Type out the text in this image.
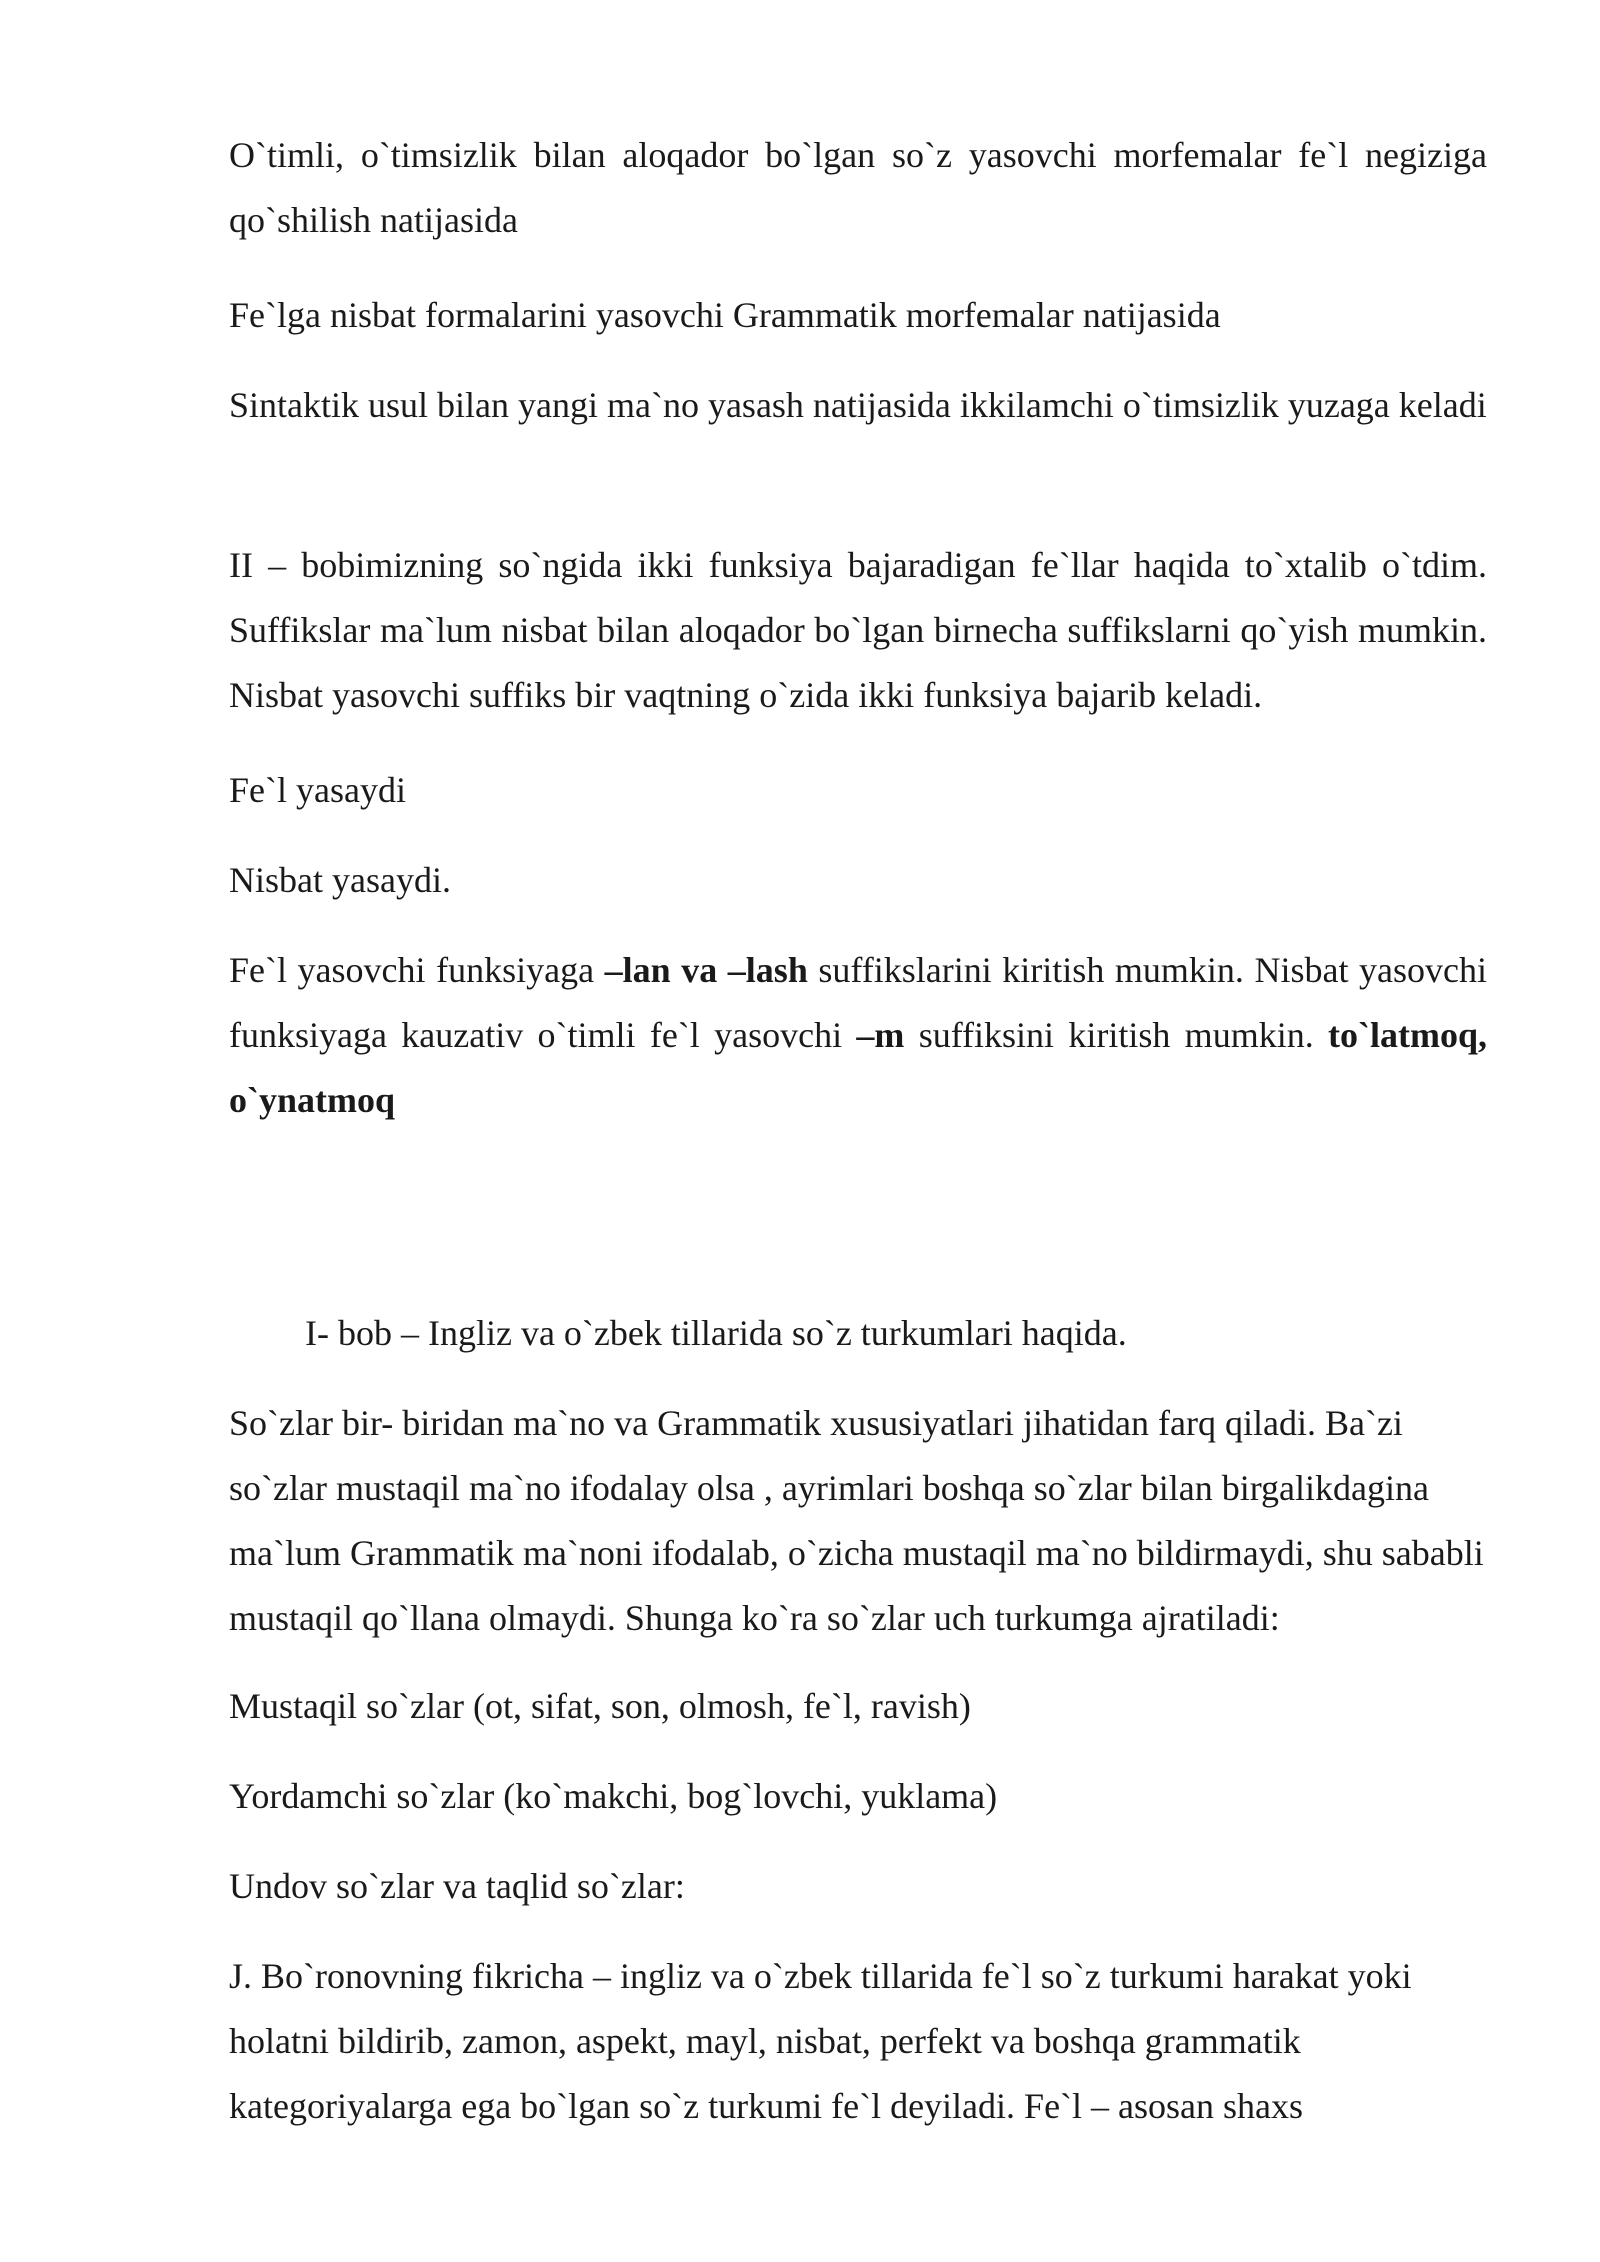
O`timli, o`timsizlik bilan aloqador bo`lgan so`z yasovchi morfemalar fe`l negiziga qo`shilish natijasida

Fe`lga nisbat formalarini yasovchi Grammatik morfemalar natijasida

Sintaktik usul bilan yangi ma`no yasash natijasida ikkilamchi o`timsizlik yuzaga keladi

II – bobimizning so`ngida ikki funksiya bajaradigan fe`llar haqida to`xtalib o`tdim. Suffikslar ma`lum nisbat bilan aloqador bo`lgan birnecha suffikslarni qo`yish mumkin. Nisbat yasovchi suffiks bir vaqtning o`zida ikki funksiya bajarib keladi.

Fe`l yasaydi

Nisbat yasaydi.

Fe`l yasovchi funksiyaga –lan va –lash suffikslarini kiritish mumkin. Nisbat yasovchi funksiyaga kauzativ o`timli fe`l yasovchi –m suffiksini kiritish mumkin. to`latmoq, o`ynatmoq

I- bob – Ingliz va o`zbek tillarida so`z turkumlari haqida.

So`zlar bir- biridan ma`no va Grammatik xususiyatlari jihatidan farq qiladi. Ba`zi so`zlar mustaqil ma`no ifodalay olsa , ayrimlari boshqa so`zlar bilan birgalikdagina ma`lum Grammatik ma`noni ifodalab, o`zicha mustaqil ma`no bildirmaydi, shu sababli mustaqil qo`llana olmaydi. Shunga ko`ra so`zlar uch turkumga ajratiladi:

Mustaqil so`zlar (ot, sifat, son, olmosh, fe`l, ravish)

Yordamchi so`zlar (ko`makchi, bog`lovchi, yuklama)

Undov so`zlar va taqlid so`zlar:

J. Bo`ronovning fikricha – ingliz va o`zbek tillarida fe`l so`z turkumi harakat yoki holatni bildirib, zamon, aspekt, mayl, nisbat, perfekt va boshqa grammatik kategoriyalarga ega bo`lgan so`z turkumi fe`l deyiladi. Fe`l – asosan shaxs
